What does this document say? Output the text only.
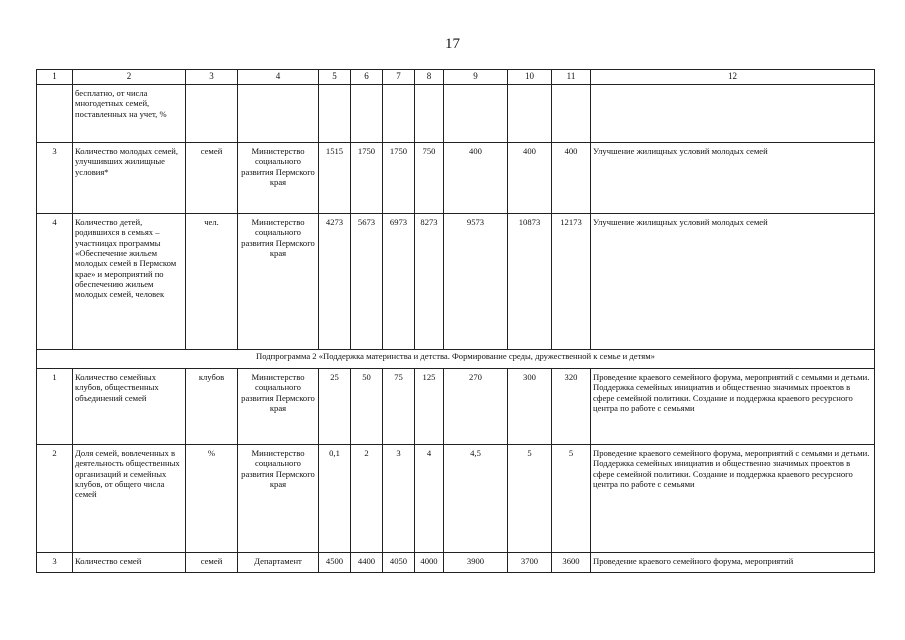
17
1	2	3	4	5	6	7	8	9	10	11	12
	бесплатно, от числа многодетных семей, поставленных на учет, %										
3	Количество молодых семей, улучшивших жилищные условия*	семей	Министерство социального развития Пермского края	1515	1750	1750	750	400	400	400	Улучшение жилищных условий молодых семей
4	Количество детей, родившихся в семьях – участницах программы «Обеспечение жильем молодых семей в Пермском крае» и мероприятий по обеспечению жильем молодых семей, человек	чел.	Министерство социального развития Пермского края	4273	5673	6973	8273	9573	10873	12173	Улучшение жилищных условий молодых семей
Подпрограмма 2 «Поддержка материнства и детства. Формирование среды, дружественной к семье и детям»											
1	Количество семейных клубов, общественных объединений семей	клубов	Министерство социального развития Пермского края	25	50	75	125	270	300	320	Проведение краевого семейного форума, мероприятий с семьями и детьми. Поддержка семейных инициатив и общественно значимых проектов в сфере семейной политики. Создание и поддержка краевого ресурсного центра по работе с семьями
2	Доля семей, вовлеченных в деятельность общественных организаций и семейных клубов, от общего числа семей	%	Министерство социального развития Пермского края	0,1	2	3	4	4,5	5	5	Проведение краевого семейного форума, мероприятий с семьями и детьми. Поддержка семейных инициатив и общественно значимых проектов в сфере семейной политики. Создание и поддержка краевого ресурсного центра по работе с семьями
3	Количество семей	семей	Департамент	4500	4400	4050	4000	3900	3700	3600	Проведение краевого семейного форума, мероприятий
